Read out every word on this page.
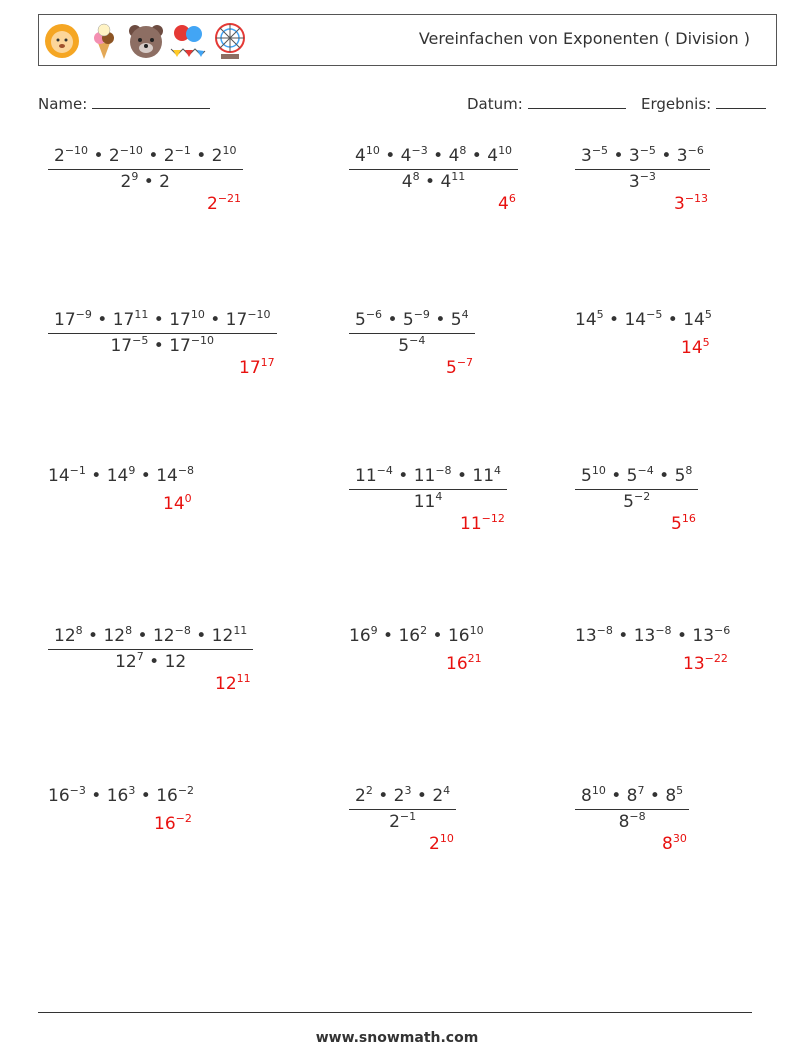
Vereinfachen von Exponenten ( Division )
Name:	Datum:	Ergebnis:
$\frac{2^{-10} • 2^{-10} • 2^{-1} • 2^{10}}{2^9 • 2}$
$2^{-21}$
$\frac{4^{10} • 4^{-3} • 4^8 • 4^{10}}{4^8 • 4^{11}}$
$4^6$
$\frac{3^{-5} • 3^{-5} • 3^{-6}}{3^{-3}}$
$3^{-13}$
$\frac{17^{-9} • 17^{11} • 17^{10} • 17^{-10}}{17^{-5} • 17^{-10}}$
$17^{17}$
$\frac{5^{-6} • 5^{-9} • 5^4}{5^{-4}}$
$5^{-7}$
$14^5$ • $14^{-5}$ • $14^5$
$14^5$
$14^{-1}$ • $14^9$ • $14^{-8}$
$14^0$	$\frac{11^{-4} • 11^{-8} • 11^4}{11^4}$
$11^{-12}$
$\frac{5^{10} • 5^{-4} • 5^8}{5^{-2}}$
$5^{16}$
$\frac{12^8 • 12^8 • 12^{-8} • 12^{11}}{12^7 • 12}$
$12^{11}$
$16^9$ • $16^2$ • $16^{10}$
$16^{21}$
$13^{-8}$ • $13^{-8}$ • $13^{-6}$
$13^{-22}$
$16^{-3}$ • $16^3$ • $16^{-2}$
$16^{-2}$	$\frac{2^2 • 2^3 • 2^4}{2^{-1}}$
$2^{10}$
$\frac{8^{10} • 8^7 • 8^5}{8^{-8}}$
$8^{30}$
www.snowmath.com
